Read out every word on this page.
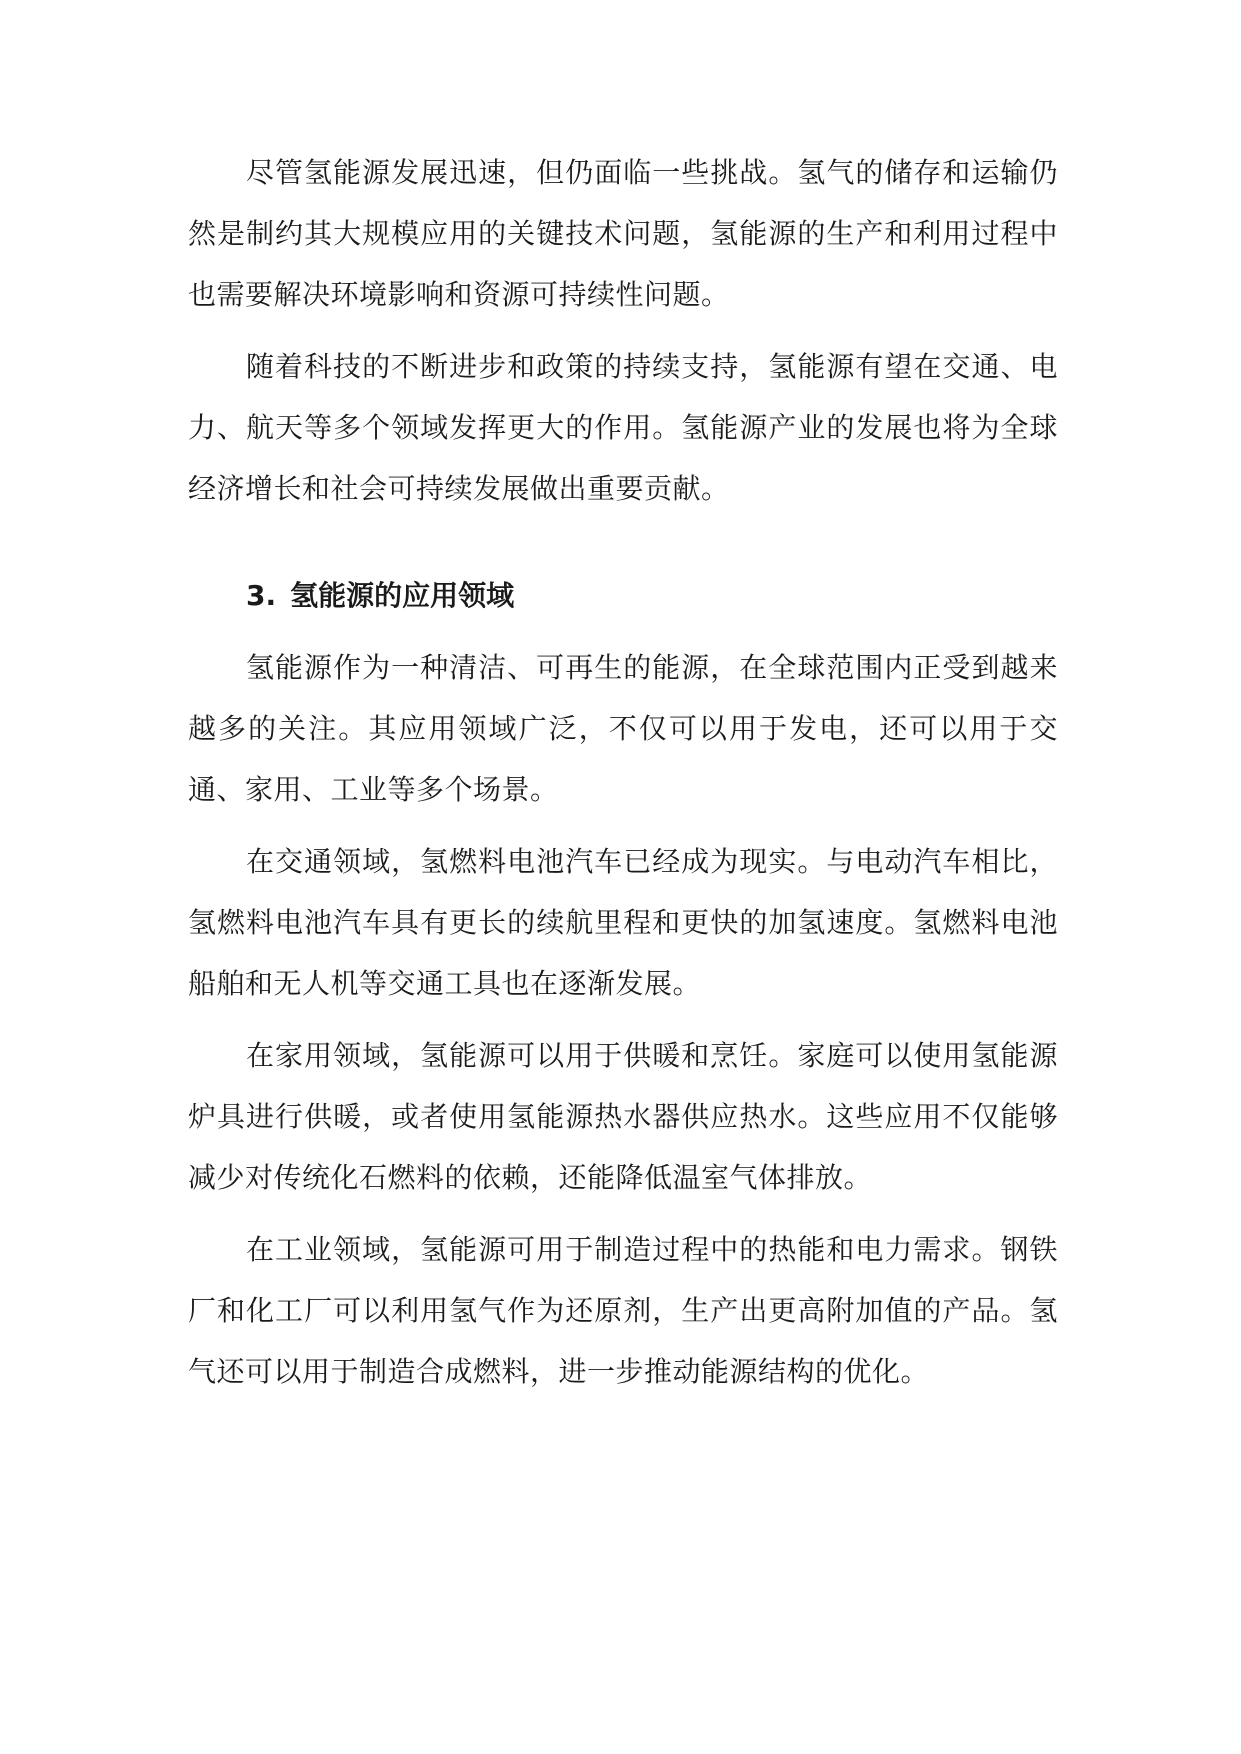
尽管氢能源发展迅速，但仍面临一些挑战。氢气的储存和运输仍然是制约其大规模应用的关键技术问题，氢能源的生产和利用过程中也需要解决环境影响和资源可持续性问题。

随着科技的不断进步和政策的持续支持，氢能源有望在交通、电力、航天等多个领域发挥更大的作用。氢能源产业的发展也将为全球经济增长和社会可持续发展做出重要贡献。

3. 氢能源的应用领域

氢能源作为一种清洁、可再生的能源，在全球范围内正受到越来越多的关注。其应用领域广泛，不仅可以用于发电，还可以用于交通、家用、工业等多个场景。

在交通领域，氢燃料电池汽车已经成为现实。与电动汽车相比，氢燃料电池汽车具有更长的续航里程和更快的加氢速度。氢燃料电池船舶和无人机等交通工具也在逐渐发展。

在家用领域，氢能源可以用于供暖和烹饪。家庭可以使用氢能源炉具进行供暖，或者使用氢能源热水器供应热水。这些应用不仅能够减少对传统化石燃料的依赖，还能降低温室气体排放。

在工业领域，氢能源可用于制造过程中的热能和电力需求。钢铁厂和化工厂可以利用氢气作为还原剂，生产出更高附加值的产品。氢气还可以用于制造合成燃料，进一步推动能源结构的优化。
